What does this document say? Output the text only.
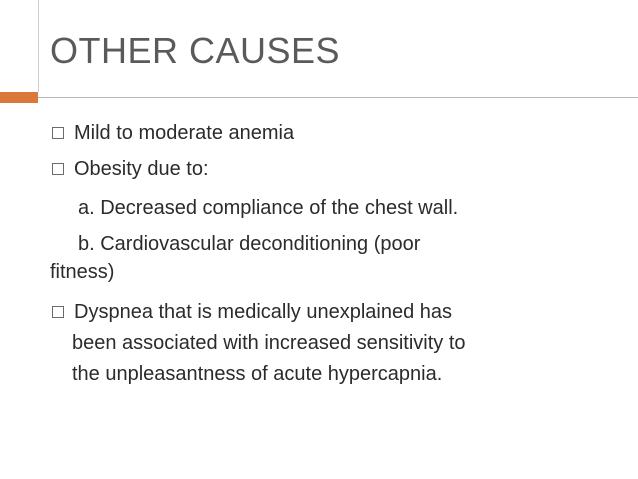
OTHER CAUSES
Mild to moderate anemia
Obesity due to:
a. Decreased compliance of the chest wall.
b. Cardiovascular deconditioning (poor
fitness)
Dyspnea that is medically unexplained has
been associated with increased sensitivity to
the unpleasantness of acute hypercapnia.
